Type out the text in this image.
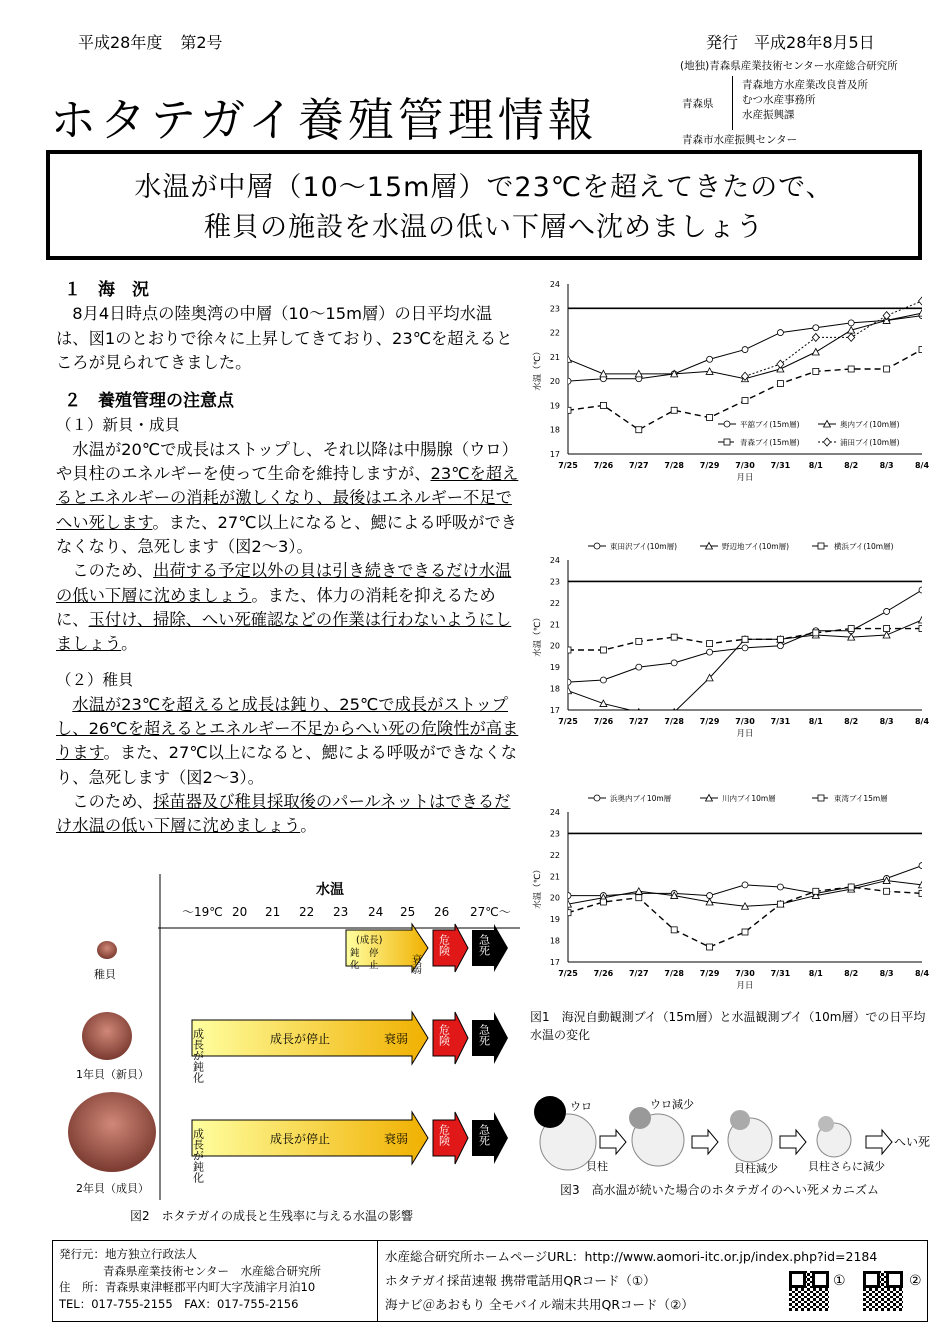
平成28年度 第2号	発行 平成28年8月5日
(地独)青森県産業技術センター水産総合研究所
ホタテガイ養殖管理情報	青森県
青森地方水産業改良普及所
むつ水産事務所
水産振興課
青森市水産振興センター
水温が中層（10～15m層）で23℃を超えてきたので、
稚貝の施設を水温の低い下層へ沈めましょう
１　海　況

8月4日時点の陸奥湾の中層（10～15m層）の日平均水温は、図1のとおりで徐々に上昇してきており、23℃を超えるところが見られてきました。

２　養殖管理の注意点
（１）新貝・成貝

水温が20℃で成長はストップし、それ以降は中腸腺（ウロ）や貝柱のエネルギーを使って生命を維持しますが、23℃を超えるとエネルギーの消耗が激しくなり、最後はエネルギー不足でへい死します。また、27℃以上になると、鰓による呼吸ができなくなり、急死します（図2～3）。

このため、出荷する予定以外の貝は引き続きできるだけ水温の低い下層に沈めましょう。また、体力の消耗を抑えるために、玉付け、掃除、へい死確認などの作業は行わないようにしましょう。

（２）稚貝

水温が23℃を超えると成長は鈍り、25℃で成長がストップし、26℃を超えるとエネルギー不足からへい死の危険性が高まります。また、27℃以上になると、鰓による呼吸ができなくなり、急死します（図2～3）。

このため、採苗器及び稚貝採取後のパールネットはできるだけ水温の低い下層に沈めましょう。

17
18
19
20
21
22
23
24
7/25 7/26 7/27 7/28 7/29 7/30 7/31 8/1	8/2	8/3	8/4
月日
水温（℃）
平舘ブイ(15m層)	奥内ブイ(10m層)
青森ブイ(15m層)	浦田ブイ(10m層)
17
18
19
20
21
22
23
24
7/25 7/26 7/27 7/28 7/29 7/30 7/31 8/1	8/2	8/3	8/4
月日
水温（℃）
東田沢ブイ(10m層)	野辺地ブイ(10m層)	横浜ブイ(10m層)
17
18
19
20
21
22
23
24
7/25 7/26 7/27 7/28 7/29 7/30 7/31 8/1	8/2	8/3	8/4
月日
水温（℃）
浜奥内ブイ10m層	川内ブイ10m層	東湾ブイ15m層
図1　海況自動観測ブイ（15m層）と水温観測ブイ（10m層）での日平均水温の変化
水温
～19℃ 20 21 22 23 24 25 26 27℃～
稚貝
(成長)
鈍　停
化　止	衰弱
危険 急死
1年貝（新貝）	成長が鈍化	成長が停止	衰弱	危険 急死
2年貝（成貝）
成長が鈍化	成長が停止	衰弱	危険 急死
図2　ホタテガイの成長と生残率に与える水温の影響
ウロ
貝柱
ウロ減少
貝柱減少	貝柱さらに減少
へい死
図3　高水温が続いた場合のホタテガイのへい死メカニズム
発行元：地方独立行政法人
青森県産業技術センター　水産総合研究所
住　所：青森県東津軽郡平内町大字茂浦字月泊10
TEL：017-755-2155　FAX：017-755-2156
水産総合研究所ホームページURL：http://www.aomori-itc.or.jp/index.php?id=2184
ホタテガイ採苗速報 携帯電話用QRコード（①）
海ナビ＠あおもり 全モバイル端末共用QRコード（②）
①	②
